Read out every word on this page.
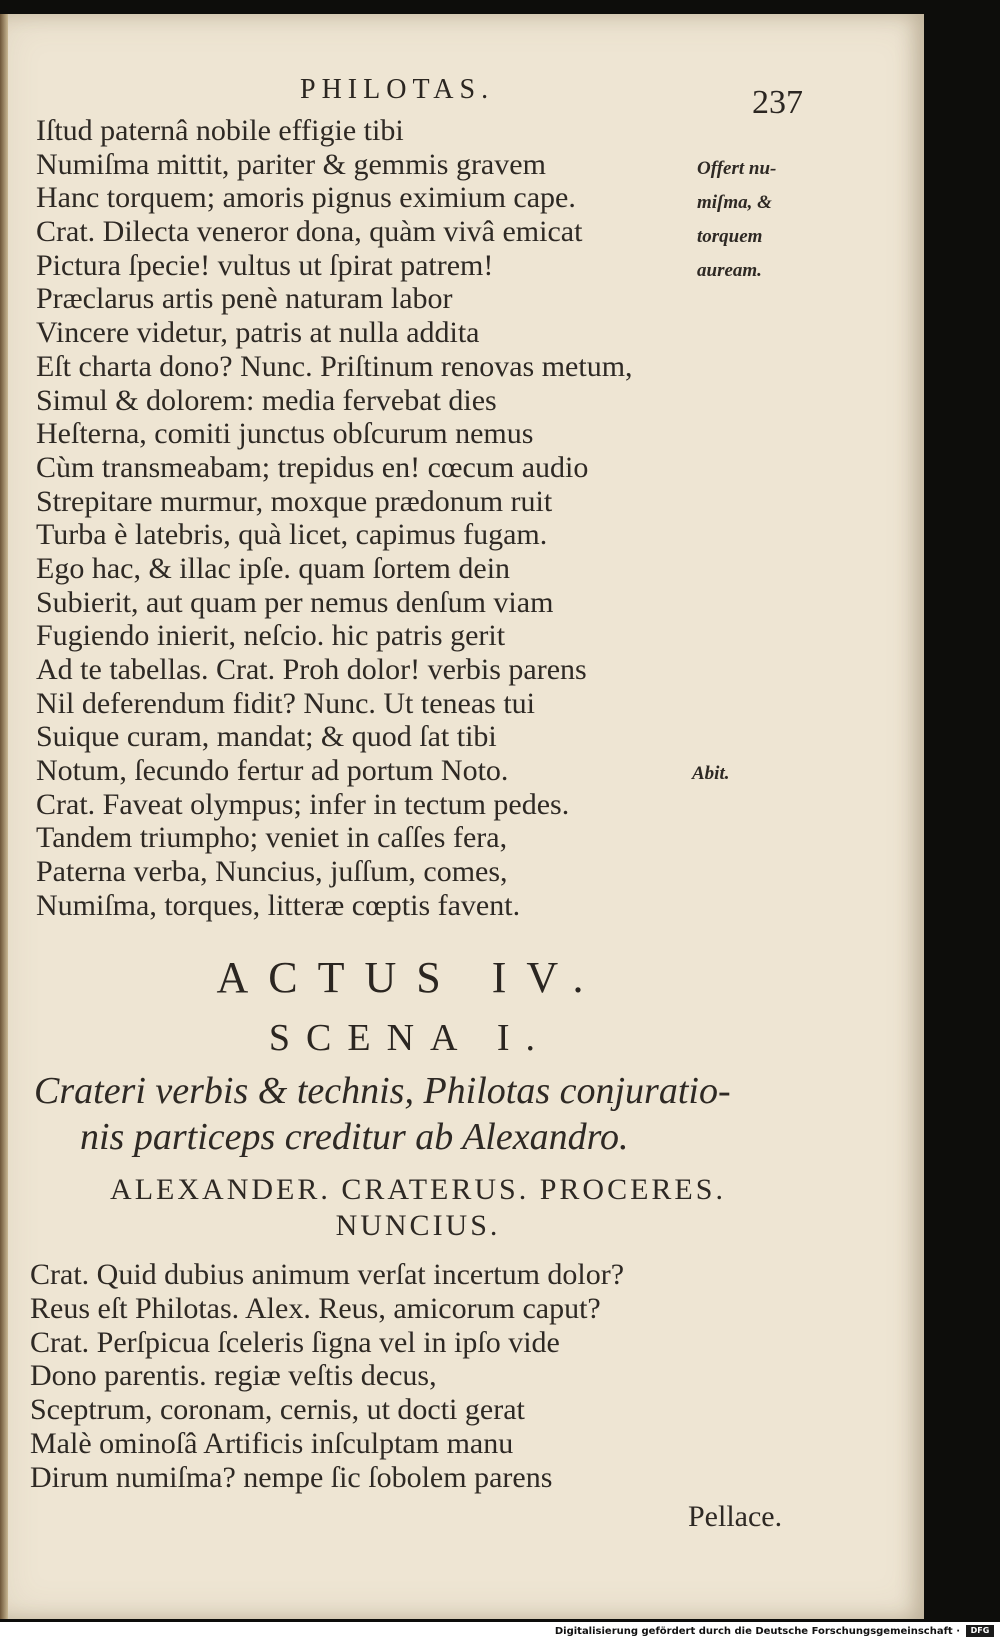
PHILOTAS.	237
Iſtud paternâ nobile effigie tibi
Numiſma mittit, pariter & gemmis gravem
Hanc torquem; amoris pignus eximium cape.
Crat. Dilecta veneror dona, quàm vivâ emicat
Pictura ſpecie! vultus ut ſpirat patrem!
Præclarus artis penè naturam labor
Vincere videtur, patris at nulla addita
Eſt charta dono? Nunc. Priſtinum renovas metum,
Simul & dolorem: media fervebat dies
Heſterna, comiti junctus obſcurum nemus
Cùm transmeabam; trepidus en! cœcum audio
Strepitare murmur, moxque prædonum ruit
Turba è latebris, quà licet, capimus fugam.
Ego hac, & illac ipſe. quam ſortem dein
Subierit, aut quam per nemus denſum viam
Fugiendo inierit, neſcio. hic patris gerit
Ad te tabellas. Crat. Proh dolor! verbis parens
Nil deferendum fidit? Nunc. Ut teneas tui
Suique curam, mandat; & quod ſat tibi
Notum, ſecundo fertur ad portum Noto.
Crat. Faveat olympus; infer in tectum pedes.
Tandem triumpho; veniet in caſſes fera,
Paterna verba, Nuncius, juſſum, comes,
Numiſma, torques, litteræ cœptis favent.
Offert nu-
miſma, &
torquem
auream.
Abit.
ACTUS IV.
SCENA I.
Crateri verbis & technis, Philotas conjuratio-
nis particeps creditur ab Alexandro.
ALEXANDER. CRATERUS. PROCERES.
NUNCIUS.
Crat. Quid dubius animum verſat incertum dolor?
Reus eſt Philotas. Alex. Reus, amicorum caput?
Crat. Perſpicua ſceleris ſigna vel in ipſo vide
Dono parentis. regiæ veſtis decus,
Sceptrum, coronam, cernis, ut docti gerat
Malè ominoſâ Artificis inſculptam manu
Dirum numiſma? nempe ſic ſobolem parens
Pellace.
Digitalisierung gefördert durch die Deutsche Forschungsgemeinschaft ·	DFG
